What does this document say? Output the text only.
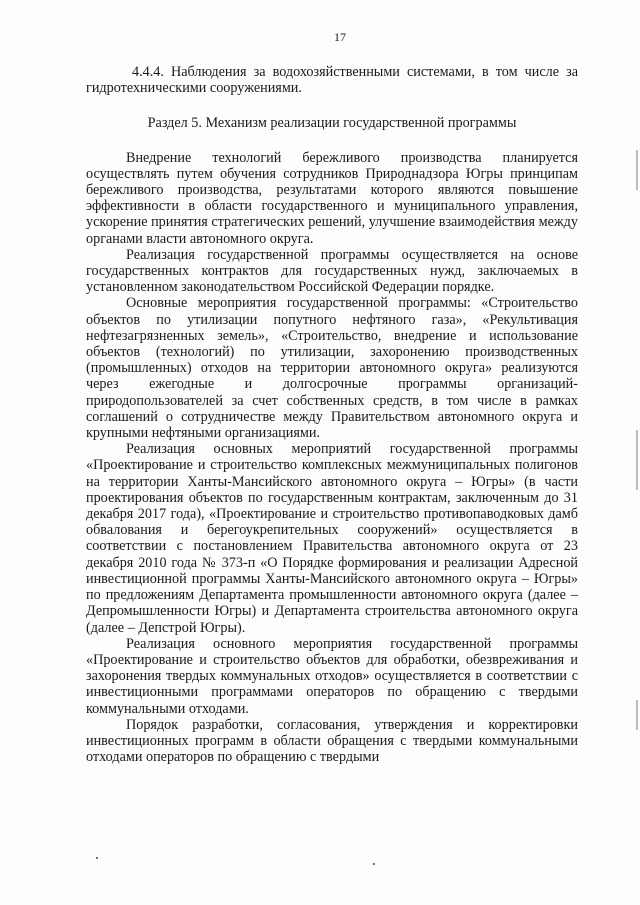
17

4.4.4. Наблюдения за водохозяйственными системами, в том числе за гидротехническими сооружениями.

Раздел 5. Механизм реализации государственной программы

Внедрение технологий бережливого производства планируется осуществлять путем обучения сотрудников Природнадзора Югры принципам бережливого производства, результатами которого являются повышение эффективности в области государственного и муниципального управления, ускорение принятия стратегических решений, улучшение взаимодействия между органами власти автономного округа.

Реализация государственной программы осуществляется на основе государственных контрактов для государственных нужд, заключаемых в установленном законодательством Российской Федерации порядке.

Основные мероприятия государственной программы: «Строительство объектов по утилизации попутного нефтяного газа», «Рекультивация нефтезагрязненных земель», «Строительство, внедрение и использование объектов (технологий) по утилизации, захоронению производственных (промышленных) отходов на территории автономного округа» реализуются через ежегодные и долгосрочные программы организаций-природопользователей за счет собственных средств, в том числе в рамках соглашений о сотрудничестве между Правительством автономного округа и крупными нефтяными организациями.

Реализация основных мероприятий государственной программы «Проектирование и строительство комплексных межмуниципальных полигонов на территории Ханты-Мансийского автономного округа – Югры» (в части проектирования объектов по государственным контрактам, заключенным до 31 декабря 2017 года), «Проектирование и строительство противопаводковых дамб обвалования и берегоукрепительных сооружений» осуществляется в соответствии с постановлением Правительства автономного округа от 23 декабря 2010 года № 373-п «О Порядке формирования и реализации Адресной инвестиционной программы Ханты-Мансийского автономного округа – Югры» по предложениям Департамента промышленности автономного округа (далее – Депромышленности Югры) и Департамента строительства автономного округа (далее – Депстрой Югры).

Реализация основного мероприятия государственной программы «Проектирование и строительство объектов для обработки, обезвреживания и захоронения твердых коммунальных отходов» осуществляется в соответствии с инвестиционными программами операторов по обращению с твердыми коммунальными отходами.

Порядок разработки, согласования, утверждения и корректировки инвестиционных программ в области обращения с твердыми коммунальными отходами операторов по обращению с твердыми
